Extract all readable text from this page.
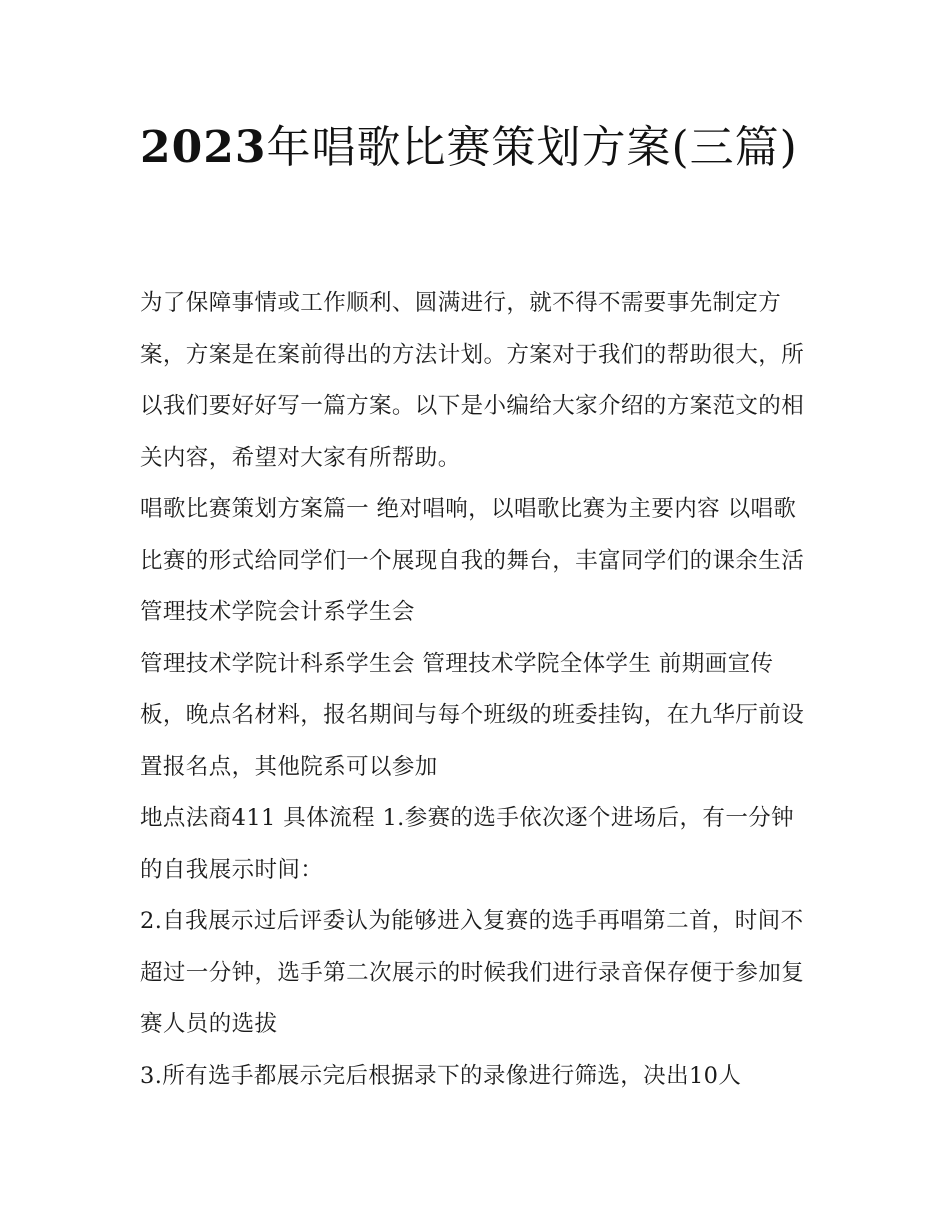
2023年唱歌比赛策划方案(三篇)

为了保障事情或工作顺利、圆满进行，就不得不需要事先制定方案，方案是在案前得出的方法计划。方案对于我们的帮助很大，所以我们要好好写一篇方案。以下是小编给大家介绍的方案范文的相关内容，希望对大家有所帮助。

唱歌比赛策划方案篇一 绝对唱响，以唱歌比赛为主要内容 以唱歌比赛的形式给同学们一个展现自我的舞台，丰富同学们的课余生活 管理技术学院会计系学生会

管理技术学院计科系学生会 管理技术学院全体学生 前期画宣传板，晚点名材料，报名期间与每个班级的班委挂钩，在九华厅前设置报名点，其他院系可以参加

地点法商411 具体流程 1.参赛的选手依次逐个进场后，有一分钟的自我展示时间：

2.自我展示过后评委认为能够进入复赛的选手再唱第二首，时间不超过一分钟，选手第二次展示的时候我们进行录音保存便于参加复赛人员的选拔

3.所有选手都展示完后根据录下的录像进行筛选，决出10人
